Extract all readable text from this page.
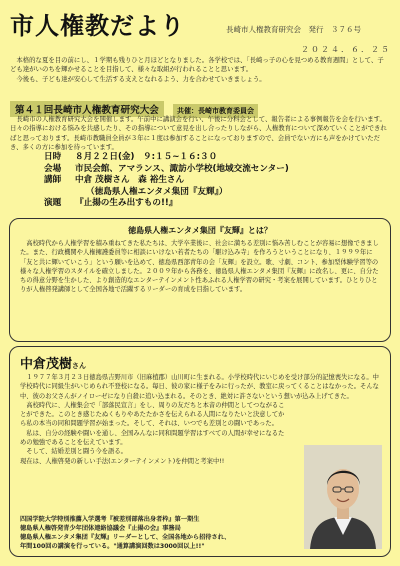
市人権教だより	長崎市人権教育研究会　発行　３７６号
２０２４．６．２５

　本格的な夏を目の前にし、１学期も残りひと月ほどとなりました。各学校では、「長崎っ子の心を見つめる教育週間」として、子ども達がいのちを輝かせることを目指して、様々な取組が行われることと思います。

　今後も、子ども達が安心して生活する支えとなれるよう、力を合わせていきましょう。

第４１回長崎市人権教育研究大会	共催：長崎市教育委員会

　長崎市の人権教育研究大会を開催します。午前中に講演会を行い、午後に分科会として、報告者による事例報告を会を行います。日々の指導における悩みを共感したり、その指導について意見を出し合ったりしながら、人権教育について深めていくことができればと思っております。長崎市教職員全員が３年に１度は参加することになっておりますので、会員でない方にも声をかけていただき、多くの方に参加を待っています。

日時 ８月２２日(金)　９:１５~１６:３０
会場 市民会館、アマランス、諏訪小学校(地域交流センター)
講師 中倉 茂樹さん　森 裕生さん
（徳島県人権エンタメ集団『友輝』）
演題 『止揚の生み出すもの!!』
徳島県人権エンタメ集団『友輝』とは？

　高校時代から人権学習を積み重ねてきた私たちは、大学卒業後に、社会に満ちる差別に悩み苦しむことが容易に想像できました。また、行政機関や人権擁護委員等に相談にいけない若者たちの「駆け込み寺」を作ろうということになり、１９９９年に「友と共に輝いていこう」という願いを込めて、徳島県西部青年の会「友輝」を設立。歌、寸劇、コント、参加型体験学習等の様々な人権学習のスタイルを確立しました。２００９年から各務を、徳島県人権エンタメ集団『友輝』に改名し、更に、自分たちの得意分野を生かした、より創造的なエンターテインメント性あふれる人権学習の研究・考案を展開しています。ひとりひとりが人権啓発講師として全国各地で活躍するリーダーの育成を目指しています。

中倉茂樹さん

　１９７７年３月２３日徳島県吉野川市（旧麻植郡）山川町に生まれる。小学校時代にいじめを受け部分的記憶喪失になる。中学校時代に同級生がいじめられ不登校になる。毎日、彼の家に様子をみに行ったが、教室に戻ってくることはなかった。そんな中、彼のお父さんがノイローゼになり自殺に追い込まれる。そのとき、絶対に許さないという想いが込み上げてきた。

　高校時代に、人権集会で「部落民宣言」をし、周りの友だちと本音の仲間としてつながることができた。このとき感じたぬくもりやあたたかさを伝えられる人間になりたいと決意してから私の本当の同和問題学習が始まった。そして、それは、いつでも差別との闘いであった。

　私は、自分の経験や闘いを通し、全国みんなに同和問題学習はすべての人間が幸せになるための勉強であることを伝えています。

　そして、結婚差別と闘う今を語る。

現在は、人権啓発の新しい手法(エンターテインメント)を仲間と考案中!!

四国学院大学特別推薦入学選考『被差別部落出身者枠』第一期生

徳島県人権啓発青少年団体連絡協議会『止揚の会』事務局

徳島県人権エンタメ集団『友輝』リーダーとして、全国各地から招待され、

年間100回の講演を行っている。"通算講演回数は3000回以上!!"
